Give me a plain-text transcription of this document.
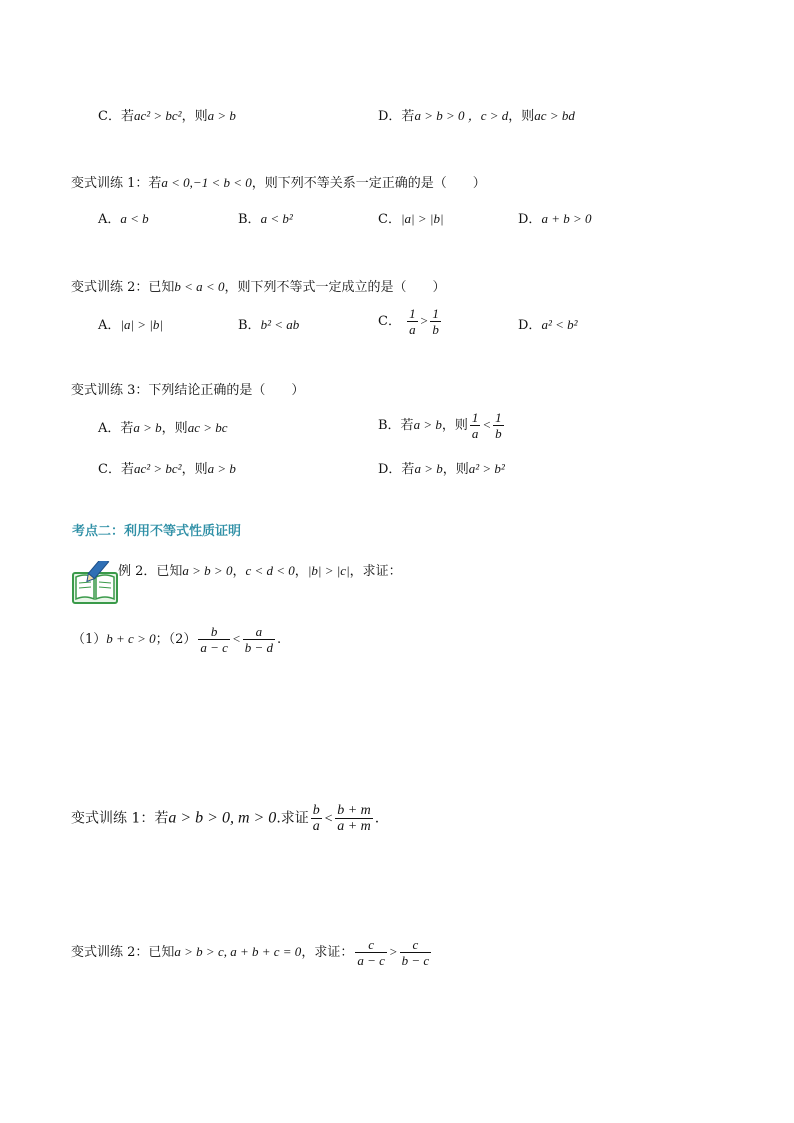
C．若ac² > bc²，则a > b	D．若a > b > 0 ，c > d，则ac > bd
变式训练 1：若a < 0,−1 < b < 0，则下列不等关系一定正确的是（　　）
A．a < b	B．a < b²	C．|a| > |b|	D．a + b > 0
变式训练 2：已知b < a < 0，则下列不等式一定成立的是（　　）
A．|a| > |b|	B．b² < ab	C． $\frac{1}{a} > \frac{1}{b}$	D．a² < b²
变式训练 3：下列结论正确的是（　　）
A．若a > b，则ac > bc	B．若a > b，则 $\frac{1}{a} < \frac{1}{b}$
C．若ac² > bc²，则a > b	D．若a > b，则a² > b²
考点二：利用不等式性质证明
例 2．已知a > b > 0，c < d < 0，|b| > |c|，求证：
（1）b + c > 0；$(2) \frac{b}{a - c} < \frac{a}{b - d}$ .
变式训练 1：若a > b > 0, m > 0.求证 $\frac{b}{a} < \frac{b + m}{a + m}$ .
变式训练 2：已知a > b > c, a + b + c = 0，求证： $\frac{c}{a - c} > \frac{c}{b - c}$
